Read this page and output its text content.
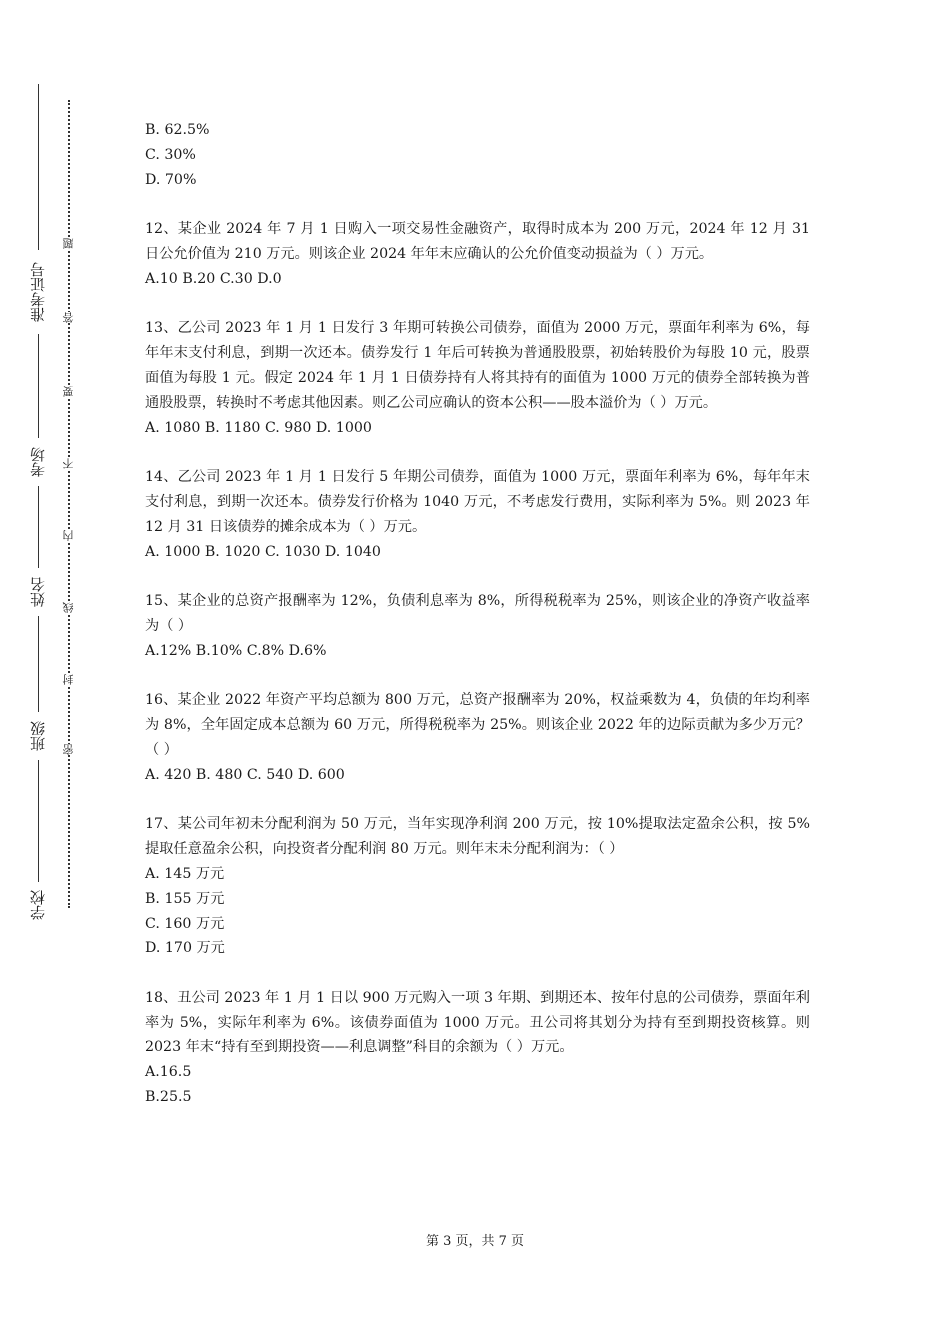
准考证号
考场
姓名
班级
学校
题
答
要
不
内
线
封
密
B. 62.5%
C. 30%
D. 70%

12、某企业 2024 年 7 月 1 日购入一项交易性金融资产，取得时成本为 200 万元，2024 年 12 月 31 日公允价值为 210 万元。则该企业 2024 年年末应确认的公允价值变动损益为（ ）万元。

A.10 B.20 C.30 D.0

13、乙公司 2023 年 1 月 1 日发行 3 年期可转换公司债券，面值为 2000 万元，票面年利率为 6%，每年年末支付利息，到期一次还本。债券发行 1 年后可转换为普通股股票，初始转股价为每股 10 元，股票面值为每股 1 元。假定 2024 年 1 月 1 日债券持有人将其持有的面值为 1000 万元的债券全部转换为普通股股票，转换时不考虑其他因素。则乙公司应确认的资本公积——股本溢价为（ ）万元。

A. 1080 B. 1180 C. 980 D. 1000

14、乙公司 2023 年 1 月 1 日发行 5 年期公司债券，面值为 1000 万元，票面年利率为 6%，每年年末支付利息，到期一次还本。债券发行价格为 1040 万元，不考虑发行费用，实际利率为 5%。则 2023 年 12 月 31 日该债券的摊余成本为（ ）万元。

A. 1000 B. 1020 C. 1030 D. 1040

15、某企业的总资产报酬率为 12%，负债利息率为 8%，所得税税率为 25%，则该企业的净资产收益率为（ ）

A.12% B.10% C.8% D.6%

16、某企业 2022 年资产平均总额为 800 万元，总资产报酬率为 20%，权益乘数为 4，负债的年均利率为 8%，全年固定成本总额为 60 万元，所得税税率为 25%。则该企业 2022 年的边际贡献为多少万元？（ ）

A. 420 B. 480 C. 540 D. 600

17、某公司年初未分配利润为 50 万元，当年实现净利润 200 万元，按 10%提取法定盈余公积，按 5%提取任意盈余公积，向投资者分配利润 80 万元。则年末未分配利润为：（ ）

A. 145 万元
B. 155 万元
C. 160 万元
D. 170 万元

18、丑公司 2023 年 1 月 1 日以 900 万元购入一项 3 年期、到期还本、按年付息的公司债券，票面年利率为 5%，实际年利率为 6%。该债券面值为 1000 万元。丑公司将其划分为持有至到期投资核算。则 2023 年末“持有至到期投资——利息调整”科目的余额为（ ）万元。

A.16.5
B.25.5
第 3 页，共 7 页
